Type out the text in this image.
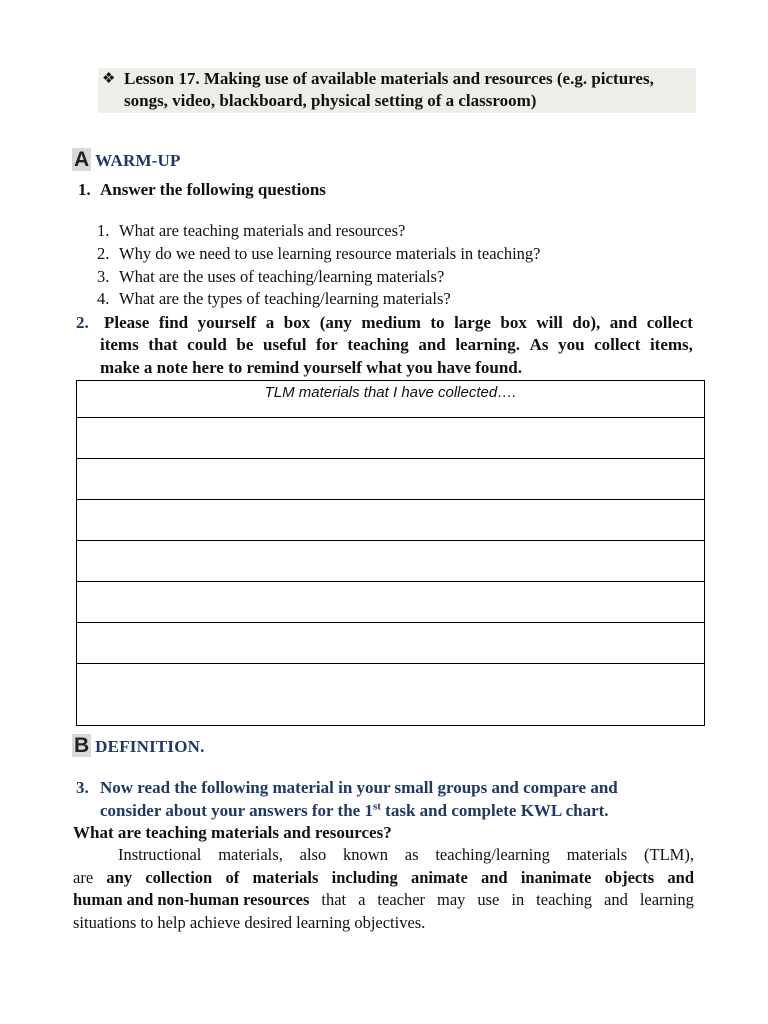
❖ Lesson 17. Making use of available materials and resources (e.g. pictures,
songs, video, blackboard, physical setting of a classroom)
A WARM-UP
1. Answer the following questions
1. What are teaching materials and resources?
2. Why do we need to use learning resource materials in teaching?
3. What are the uses of teaching/learning materials?
4. What are the types of teaching/learning materials?
2. Please find yourself a box (any medium to large box will do), and collect
items that could be useful for teaching and learning. As you collect items,
make a note here to remind yourself what you have found.
TLM materials that I have collected….

B DEFINITION.
3. Now read the following material in your small groups and compare and
consider about your answers for the 1st task and complete KWL chart.
What are teaching materials and resources?
Instructional materials, also known as teaching/learning materials (TLM),
are any collection of materials including animate and inanimate objects and
human and non-human resources that a teacher may use in teaching and learning
situations to help achieve desired learning objectives.
